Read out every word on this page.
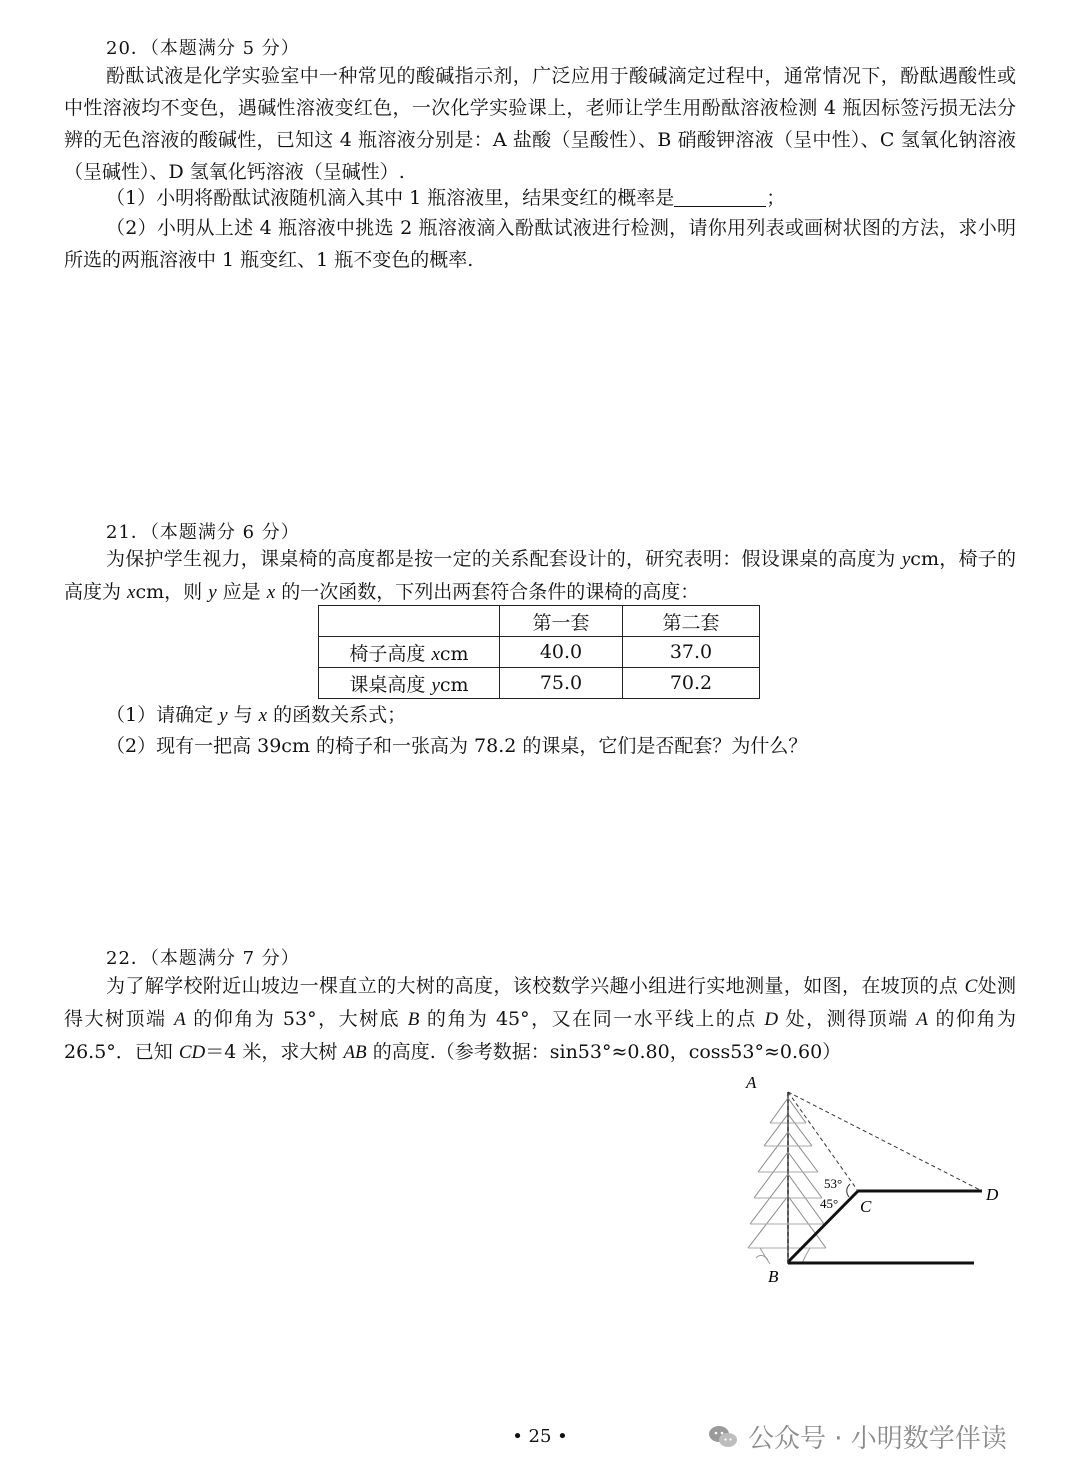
20．（本题满分 5 分）

酚酞试液是化学实验室中一种常见的酸碱指示剂，广泛应用于酸碱滴定过程中，通常情况下，酚酞遇酸性或中性溶液均不变色，遇碱性溶液变红色，一次化学实验课上，老师让学生用酚酞溶液检测 4 瓶因标签污损无法分辨的无色溶液的酸碱性，已知这 4 瓶溶液分别是：A 盐酸（呈酸性）、B 硝酸钾溶液（呈中性）、C 氢氧化钠溶液（呈碱性）、D 氢氧化钙溶液（呈碱性）.

（1）小明将酚酞试液随机滴入其中 1 瓶溶液里，结果变红的概率是	；

（2）小明从上述 4 瓶溶液中挑选 2 瓶溶液滴入酚酞试液进行检测，请你用列表或画树状图的方法，求小明所选的两瓶溶液中 1 瓶变红、1 瓶不变色的概率.

21．（本题满分 6 分）

为保护学生视力，课桌椅的高度都是按一定的关系配套设计的，研究表明：假设课桌的高度为 ycm，椅子的高度为 xcm，则 y 应是 x 的一次函数，下列出两套符合条件的课椅的高度：

	第一套	第二套
椅子高度 xcm	40.0	37.0
课桌高度 ycm	75.0	70.2
（1）请确定 y 与 x 的函数关系式；
（2）现有一把高 39cm 的椅子和一张高为 78.2 的课桌，它们是否配套？为什么？
22．（本题满分 7 分）

为了解学校附近山坡边一棵直立的大树的高度，该校数学兴趣小组进行实地测量，如图，在坡顶的点 C处测得大树顶端 A 的仰角为 53°，大树底 B 的角为 45°，又在同一水平线上的点 D 处，测得顶端 A 的仰角为 26.5°．已知 CD＝4 米，求大树 AB 的高度.（参考数据：sin53°≈0.80，coss53°≈0.60）

A
B
C
D
53°
45°
• 25 •	公众号 · 小明数学伴读
